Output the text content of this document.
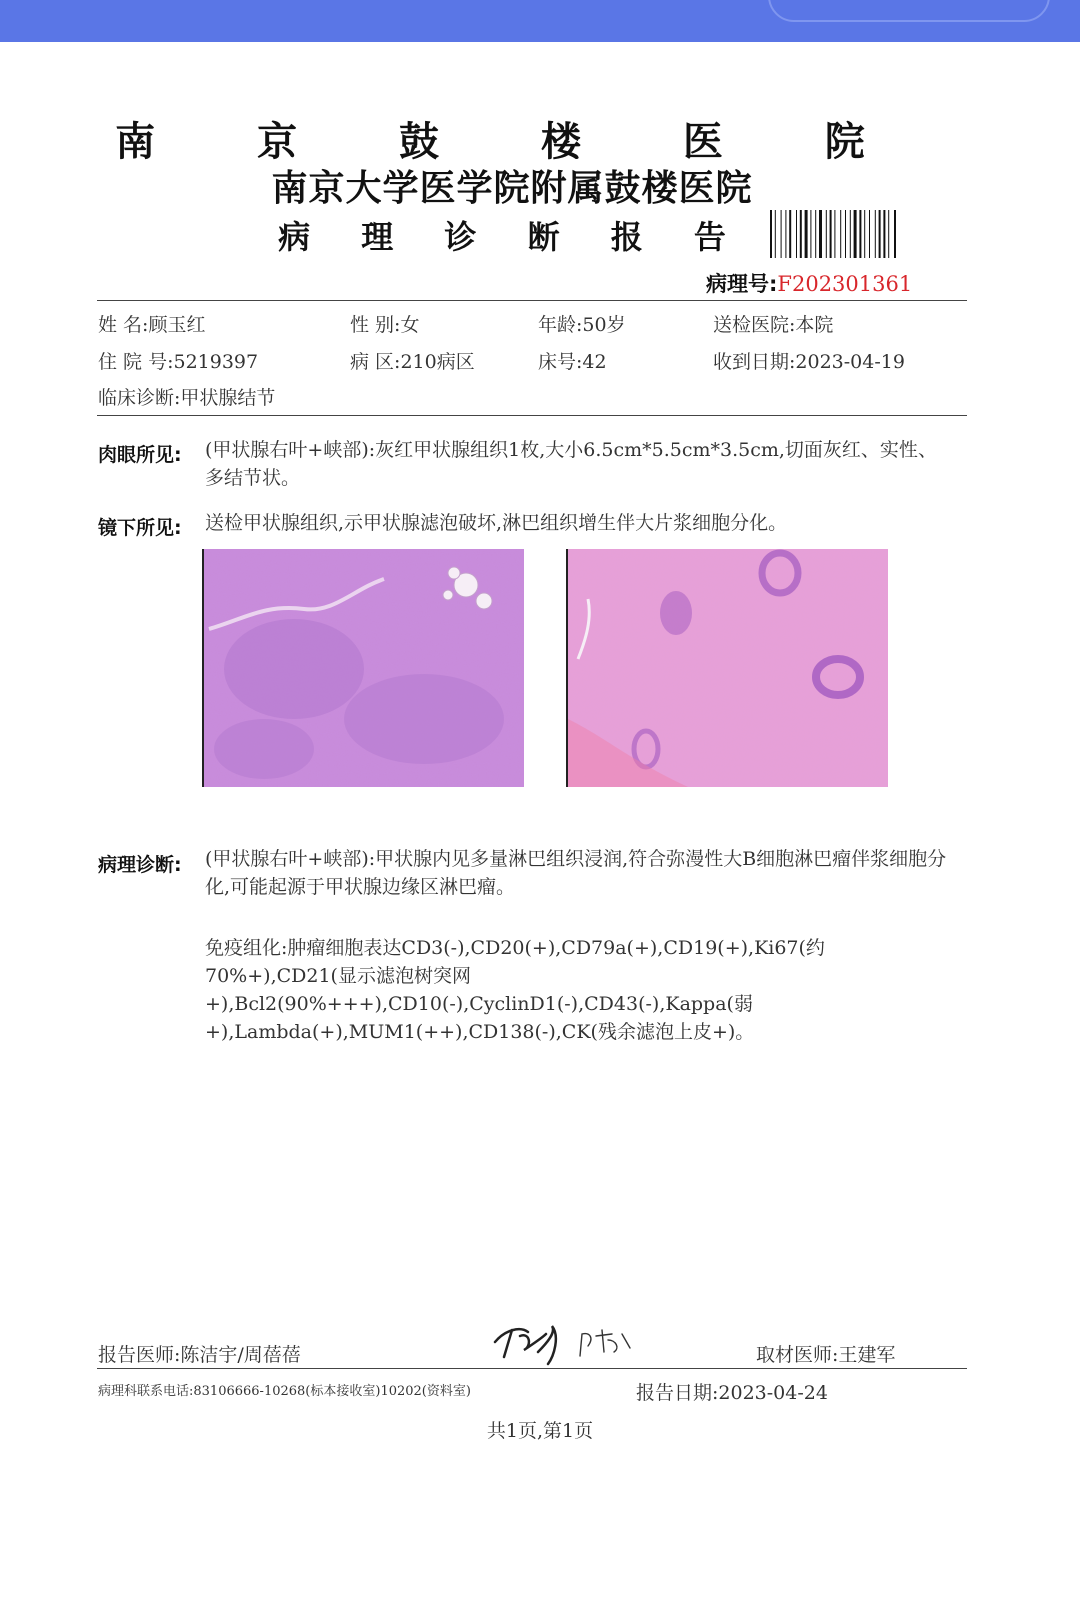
南 京 鼓 楼 医 院
南京大学医学院附属鼓楼医院
病 理 诊 断 报 告
病理号:F202301361
姓 名:顾玉红	性 别:女	年龄:50岁	送检医院:本院
住 院 号:5219397	病 区:210病区	床号:42	收到日期:2023-04-19
临床诊断:甲状腺结节
肉眼所见: (甲状腺右叶+峡部):灰红甲状腺组织1枚,大小6.5cm*5.5cm*3.5cm,切面灰红、实性、多结节状。
镜下所见: 送检甲状腺组织,示甲状腺滤泡破坏,淋巴组织增生伴大片浆细胞分化。
病理诊断: (甲状腺右叶+峡部):甲状腺内见多量淋巴组织浸润,符合弥漫性大B细胞淋巴瘤伴浆细胞分化,可能起源于甲状腺边缘区淋巴瘤。
免疫组化:肿瘤细胞表达CD3(-),CD20(+),CD79a(+),CD19(+),Ki67(约70%+),CD21(显示滤泡树突网+),Bcl2(90%+++),CD10(-),CyclinD1(-),CD43(-),Kappa(弱+),Lambda(+),MUM1(++),CD138(-),CK(残余滤泡上皮+)。
报告医师:陈洁宇/周蓓蓓	取材医师:王建军
病理科联系电话:83106666-10268(标本接收室)10202(资料室)	报告日期:2023-04-24
共1页,第1页
